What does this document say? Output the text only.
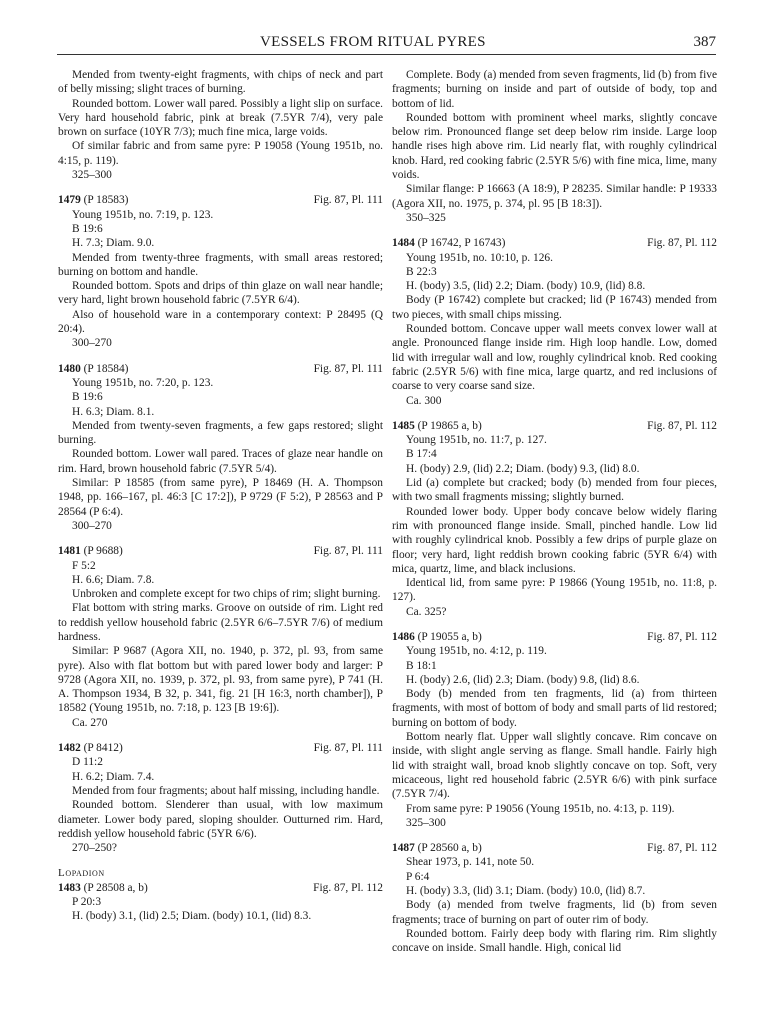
VESSELS FROM RITUAL PYRES	387

Mended from twenty-eight fragments, with chips of neck and part of belly missing; slight traces of burning.

Rounded bottom. Lower wall pared. Possibly a light slip on surface. Very hard household fabric, pink at break (7.5YR 7/4), very pale brown on surface (10YR 7/3); much fine mica, large voids.

Of similar fabric and from same pyre: P 19058 (Young 1951b, no. 4:15, p. 119).

325–300

1479 (P 18583)	Fig. 87, Pl. 111

Young 1951b, no. 7:19, p. 123.

B 19:6

H. 7.3; Diam. 9.0.

Mended from twenty-three fragments, with small areas restored; burning on bottom and handle.

Rounded bottom. Spots and drips of thin glaze on wall near handle; very hard, light brown household fabric (7.5YR 6/4).

Also of household ware in a contemporary context: P 28495 (Q 20:4).

300–270

1480 (P 18584)	Fig. 87, Pl. 111

Young 1951b, no. 7:20, p. 123.

B 19:6

H. 6.3; Diam. 8.1.

Mended from twenty-seven fragments, a few gaps restored; slight burning.

Rounded bottom. Lower wall pared. Traces of glaze near handle on rim. Hard, brown household fabric (7.5YR 5/4).

Similar: P 18585 (from same pyre), P 18469 (H. A. Thompson 1948, pp. 166–167, pl. 46:3 [C 17:2]), P 9729 (F 5:2), P 28563 and P 28564 (P 6:4).

300–270

1481 (P 9688)	Fig. 87, Pl. 111

F 5:2

H. 6.6; Diam. 7.8.

Unbroken and complete except for two chips of rim; slight burning.

Flat bottom with string marks. Groove on outside of rim. Light red to reddish yellow household fabric (2.5YR 6/6–7.5YR 7/6) of medium hardness.

Similar: P 9687 (Agora XII, no. 1940, p. 372, pl. 93, from same pyre). Also with flat bottom but with pared lower body and larger: P 9728 (Agora XII, no. 1939, p. 372, pl. 93, from same pyre), P 741 (H. A. Thompson 1934, B 32, p. 341, fig. 21 [H 16:3, north chamber]), P 18582 (Young 1951b, no. 7:18, p. 123 [B 19:6]).

Ca. 270

1482 (P 8412)	Fig. 87, Pl. 111

D 11:2

H. 6.2; Diam. 7.4.

Mended from four fragments; about half missing, including handle.

Rounded bottom. Slenderer than usual, with low maximum diameter. Lower body pared, sloping shoulder. Outturned rim. Hard, reddish yellow household fabric (5YR 6/6).

270–250?

Lopadion

1483 (P 28508 a, b)	Fig. 87, Pl. 112

P 20:3

H. (body) 3.1, (lid) 2.5; Diam. (body) 10.1, (lid) 8.3.

Complete. Body (a) mended from seven fragments, lid (b) from five fragments; burning on inside and part of outside of body, top and bottom of lid.

Rounded bottom with prominent wheel marks, slightly concave below rim. Pronounced flange set deep below rim inside. Large loop handle rises high above rim. Lid nearly flat, with roughly cylindrical knob. Hard, red cooking fabric (2.5YR 5/6) with fine mica, lime, many voids.

Similar flange: P 16663 (A 18:9), P 28235. Similar handle: P 19333 (Agora XII, no. 1975, p. 374, pl. 95 [B 18:3]).

350–325

1484 (P 16742, P 16743)	Fig. 87, Pl. 112

Young 1951b, no. 10:10, p. 126.

B 22:3

H. (body) 3.5, (lid) 2.2; Diam. (body) 10.9, (lid) 8.8.

Body (P 16742) complete but cracked; lid (P 16743) mended from two pieces, with small chips missing.

Rounded bottom. Concave upper wall meets convex lower wall at angle. Pronounced flange inside rim. High loop handle. Low, domed lid with irregular wall and low, roughly cylindrical knob. Red cooking fabric (2.5YR 5/6) with fine mica, large quartz, and red inclusions of coarse to very coarse sand size.

Ca. 300

1485 (P 19865 a, b)	Fig. 87, Pl. 112

Young 1951b, no. 11:7, p. 127.

B 17:4

H. (body) 2.9, (lid) 2.2; Diam. (body) 9.3, (lid) 8.0.

Lid (a) complete but cracked; body (b) mended from four pieces, with two small fragments missing; slightly burned.

Rounded lower body. Upper body concave below widely flaring rim with pronounced flange inside. Small, pinched handle. Low lid with roughly cylindrical knob. Possibly a few drips of purple glaze on floor; very hard, light reddish brown cooking fabric (5YR 6/4) with mica, quartz, lime, and black inclusions.

Identical lid, from same pyre: P 19866 (Young 1951b, no. 11:8, p. 127).

Ca. 325?

1486 (P 19055 a, b)	Fig. 87, Pl. 112

Young 1951b, no. 4:12, p. 119.

B 18:1

H. (body) 2.6, (lid) 2.3; Diam. (body) 9.8, (lid) 8.6.

Body (b) mended from ten fragments, lid (a) from thirteen fragments, with most of bottom of body and small parts of lid restored; burning on bottom of body.

Bottom nearly flat. Upper wall slightly concave. Rim concave on inside, with slight angle serving as flange. Small handle. Fairly high lid with straight wall, broad knob slightly concave on top. Soft, very micaceous, light red household fabric (2.5YR 6/6) with pink surface (7.5YR 7/4).

From same pyre: P 19056 (Young 1951b, no. 4:13, p. 119).

325–300

1487 (P 28560 a, b)	Fig. 87, Pl. 112

Shear 1973, p. 141, note 50.

P 6:4

H. (body) 3.3, (lid) 3.1; Diam. (body) 10.0, (lid) 8.7.

Body (a) mended from twelve fragments, lid (b) from seven fragments; trace of burning on part of outer rim of body.

Rounded bottom. Fairly deep body with flaring rim. Rim slightly concave on inside. Small handle. High, conical lid
